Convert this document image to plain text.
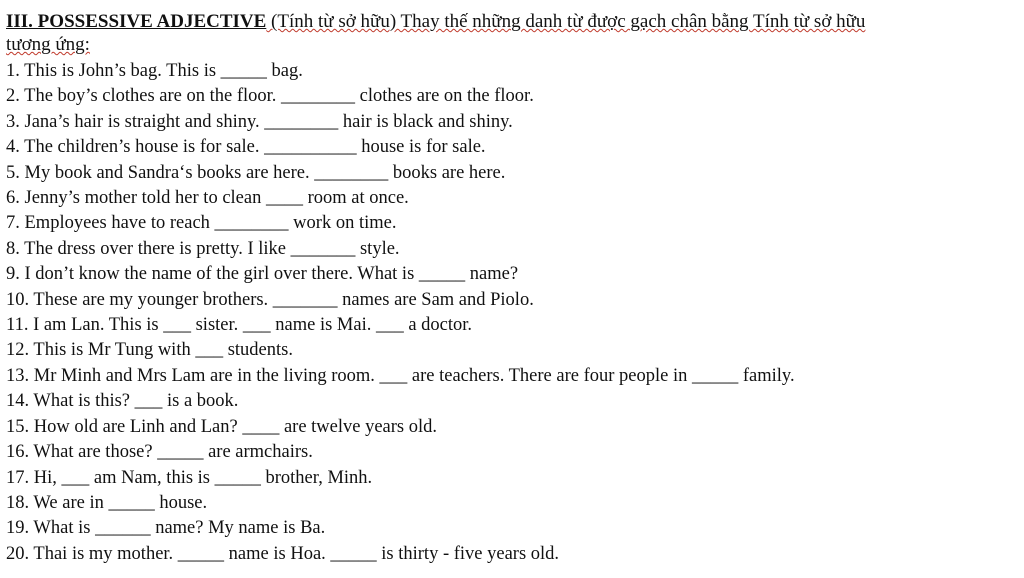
III. POSSESSIVE ADJECTIVE (Tính từ sở hữu) Thay thế những danh từ được gạch chân bằng Tính từ sở hữu
tương ứng:
1. This is John’s bag. This is _____ bag.
2. The boy’s clothes are on the floor. ________ clothes are on the floor.
3. Jana’s hair is straight and shiny. ________ hair is black and shiny.
4. The children’s house is for sale. __________ house is for sale.
5. My book and Sandra‘s books are here. ________ books are here.
6. Jenny’s mother told her to clean ____ room at once.
7. Employees have to reach ________ work on time.
8. The dress over there is pretty. I like _______ style.
9. I don’t know the name of the girl over there. What is _____ name?
10. These are my younger brothers. _______ names are Sam and Piolo.
11. I am Lan. This is ___ sister. ___ name is Mai. ___ a doctor.
12. This is Mr Tung with ___ students.
13. Mr Minh and Mrs Lam are in the living room. ___ are teachers. There are four people in _____ family.
14. What is this? ___ is a book.
15. How old are Linh and Lan? ____ are twelve years old.
16. What are those? _____ are armchairs.
17. Hi, ___ am Nam, this is _____ brother, Minh.
18. We are in _____ house.
19. What is ______ name? My name is Ba.
20. Thai is my mother. _____ name is Hoa. _____ is thirty - five years old.
